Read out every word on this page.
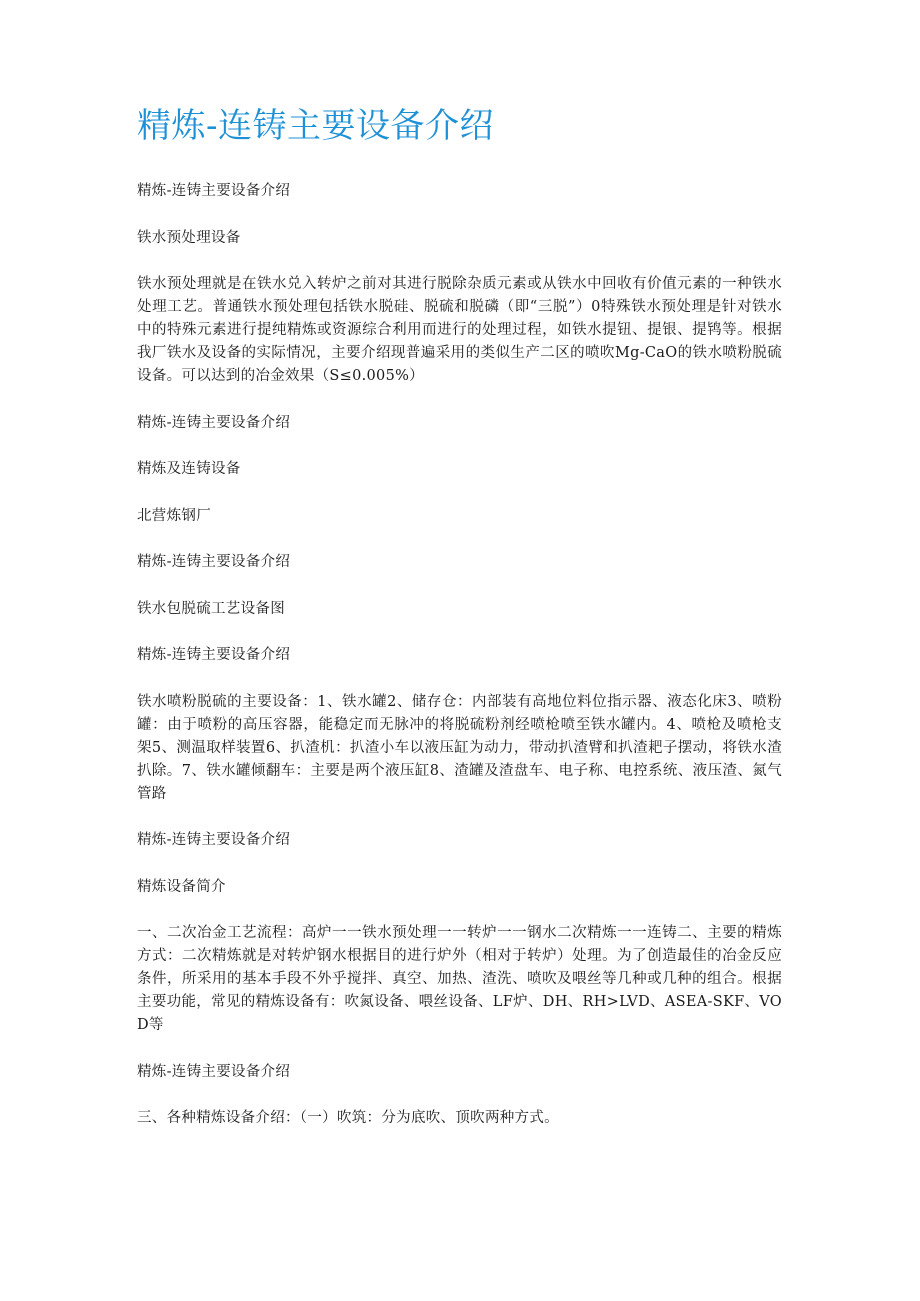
精炼-连铸主要设备介绍

精炼-连铸主要设备介绍

铁水预处理设备

铁水预处理就是在铁水兑入转炉之前对其进行脱除杂质元素或从铁水中回收有价值元素的一种铁水处理工艺。普通铁水预处理包括铁水脱硅、脱硫和脱磷（即“三脱”）0特殊铁水预处理是针对铁水中的特殊元素进行提纯精炼或资源综合利用而进行的处理过程，如铁水提钮、提银、提鸨等。根据我厂铁水及设备的实际情况，主要介绍现普遍采用的类似生产二区的喷吹Mg-CaO的铁水喷粉脱硫设备。可以达到的冶金效果（S≤0.005%）

精炼-连铸主要设备介绍

精炼及连铸设备

北营炼钢厂

精炼-连铸主要设备介绍

铁水包脱硫工艺设备图

精炼-连铸主要设备介绍

铁水喷粉脱硫的主要设备：1、铁水罐2、储存仓：内部装有高地位料位指示器、液态化床3、喷粉罐：由于喷粉的高压容器，能稳定而无脉冲的将脱硫粉剂经喷枪喷至铁水罐内。4、喷枪及喷枪支架5、测温取样装置6、扒渣机：扒渣小车以液压缸为动力，带动扒渣臂和扒渣耙子摆动，将铁水渣扒除。7、铁水罐倾翻车：主要是两个液压缸8、渣罐及渣盘车、电子称、电控系统、液压渣、氮气管路

精炼-连铸主要设备介绍

精炼设备简介

一、二次冶金工艺流程：高炉一一铁水预处理一一转炉一一钢水二次精炼一一连铸二、主要的精炼方式：二次精炼就是对转炉钢水根据目的进行炉外（相对于转炉）处理。为了创造最佳的冶金反应条件，所采用的基本手段不外乎搅拌、真空、加热、渣洗、喷吹及喂丝等几种或几种的组合。根据主要功能，常见的精炼设备有：吹氮设备、喂丝设备、LF炉、DH、RH>LVD、ASEA-SKF、VOD等

精炼-连铸主要设备介绍

三、各种精炼设备介绍：（一）吹筑：分为底吹、顶吹两种方式。
